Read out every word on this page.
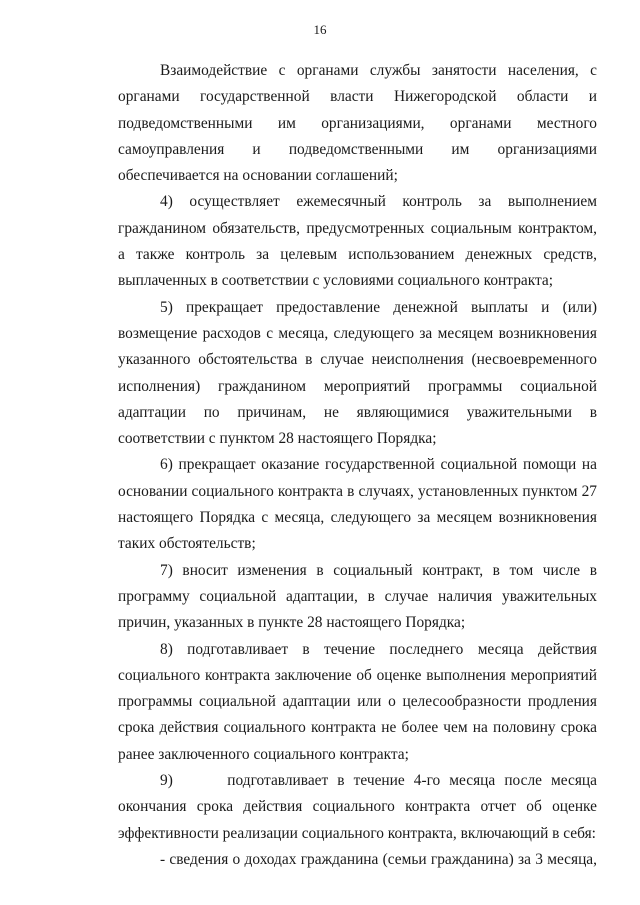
16

Взаимодействие с органами службы занятости населения, с органами государственной власти Нижегородской области и подведомственными им организациями, органами местного самоуправления и подведомственными им организациями обеспечивается на основании соглашений;

4) осуществляет ежемесячный контроль за выполнением гражданином обязательств, предусмотренных социальным контрактом, а также контроль за целевым использованием денежных средств, выплаченных в соответствии с условиями социального контракта;

5) прекращает предоставление денежной выплаты и (или) возмещение расходов с месяца, следующего за месяцем возникновения указанного обстоятельства в случае неисполнения (несвоевременного исполнения) гражданином мероприятий программы социальной адаптации по причинам, не являющимися уважительными в соответствии с пунктом 28 настоящего Порядка;

6) прекращает оказание государственной социальной помощи на основании социального контракта в случаях, установленных пунктом 27 настоящего Порядка с месяца, следующего за месяцем возникновения таких обстоятельств;

7) вносит изменения в социальный контракт, в том числе в программу социальной адаптации, в случае наличия уважительных причин, указанных в пункте 28 настоящего Порядка;

8) подготавливает в течение последнего месяца действия социального контракта заключение об оценке выполнения мероприятий программы социальной адаптации или о целесообразности продления срока действия социального контракта не более чем на половину срока ранее заключенного социального контракта;

9)      подготавливает в течение 4-го месяца после месяца окончания срока действия социального контракта отчет об оценке эффективности реализации социального контракта, включающий в себя:

- сведения о доходах гражданина (семьи гражданина) за 3 месяца,
